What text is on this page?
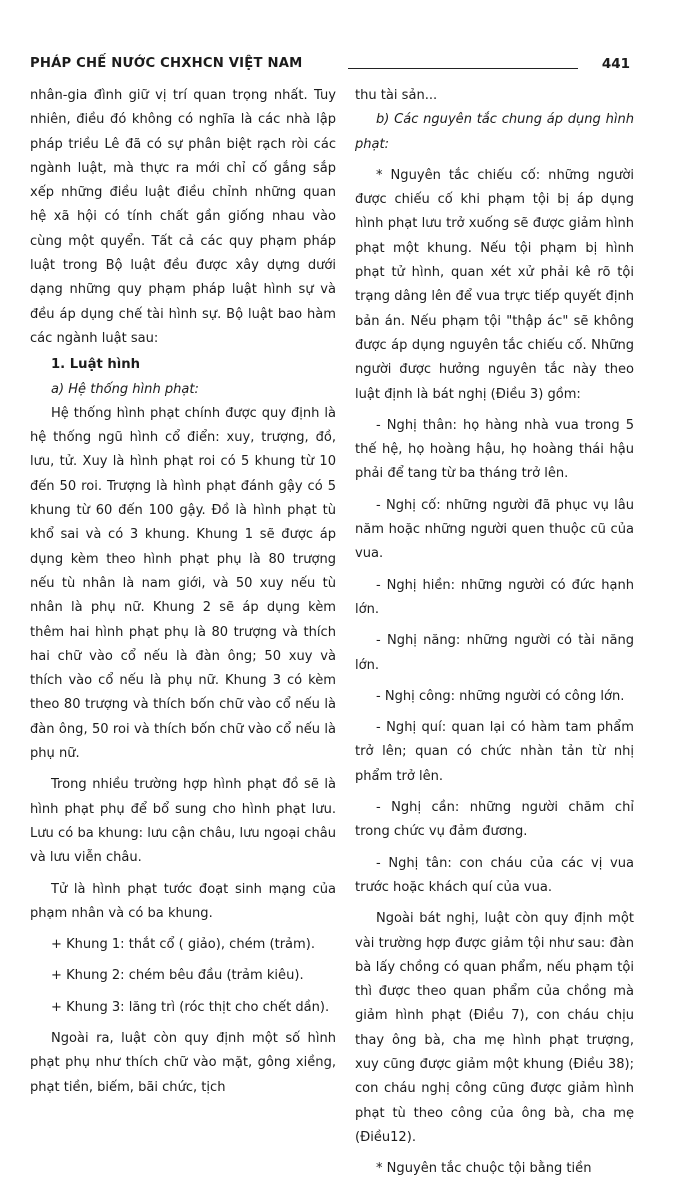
PHÁP CHẾ NƯỚC CHXHCN VIỆT NAM	441

nhân-gia đình giữ vị trí quan trọng nhất. Tuy nhiên, điều đó không có nghĩa là các nhà lập pháp triều Lê đã có sự phân biệt rạch ròi các ngành luật, mà thực ra mới chỉ cố gắng sắp xếp những điều luật điều chỉnh những quan hệ xã hội có tính chất gần giống nhau vào cùng một quyển. Tất cả các quy phạm pháp luật trong Bộ luật đều được xây dựng dưới dạng những quy phạm pháp luật hình sự và đều áp dụng chế tài hình sự. Bộ luật bao hàm các ngành luật sau:

1. Luật hình

a) Hệ thống hình phạt:

Hệ thống hình phạt chính được quy định là hệ thống ngũ hình cổ điển: xuy, trượng, đồ, lưu, tử. Xuy là hình phạt roi có 5 khung từ 10 đến 50 roi. Trượng là hình phạt đánh gậy có 5 khung từ 60 đến 100 gậy. Đồ là hình phạt tù khổ sai và có 3 khung. Khung 1 sẽ được áp dụng kèm theo hình phạt phụ là 80 trượng nếu tù nhân là nam giới, và 50 xuy nếu tù nhân là phụ nữ. Khung 2 sẽ áp dụng kèm thêm hai hình phạt phụ là 80 trượng và thích hai chữ vào cổ nếu là đàn ông; 50 xuy và thích vào cổ nếu là phụ nữ. Khung 3 có kèm theo 80 trượng và thích bốn chữ vào cổ nếu là đàn ông, 50 roi và thích bốn chữ vào cổ nếu là phụ nữ.

Trong nhiều trường hợp hình phạt đồ sẽ là hình phạt phụ để bổ sung cho hình phạt lưu. Lưu có ba khung: lưu cận châu, lưu ngoại châu và lưu viễn châu.

Tử là hình phạt tước đoạt sinh mạng của phạm nhân và có ba khung.

+ Khung 1: thắt cổ ( giảo), chém (trảm).

+ Khung 2: chém bêu đầu (trảm kiêu).

+ Khung 3: lăng trì (róc thịt cho chết dần).

Ngoài ra, luật còn quy định một số hình phạt phụ như thích chữ vào mặt, gông xiềng, phạt tiền, biếm, bãi chức, tịch

thu tài sản...

b) Các nguyên tắc chung áp dụng hình phạt:

* Nguyên tắc chiếu cố: những người được chiếu cố khi phạm tội bị áp dụng hình phạt lưu trở xuống sẽ được giảm hình phạt một khung. Nếu tội phạm bị hình phạt tử hình, quan xét xử phải kê rõ tội trạng dâng lên để vua trực tiếp quyết định bản án. Nếu phạm tội "thập ác" sẽ không được áp dụng nguyên tắc chiếu cố. Những người được hưởng nguyên tắc này theo luật định là bát nghị (Điều 3) gồm:

- Nghị thân: họ hàng nhà vua trong 5 thế hệ, họ hoàng hậu, họ hoàng thái hậu phải để tang từ ba tháng trở lên.

- Nghị cố: những người đã phục vụ lâu năm hoặc những người quen thuộc cũ của vua.

- Nghị hiền: những người có đức hạnh lớn.

- Nghị năng: những người có tài năng lớn.

- Nghị công: những người có công lớn.

- Nghị quí: quan lại có hàm tam phẩm trở lên; quan có chức nhàn tản từ nhị phẩm trở lên.

- Nghị cần: những người chăm chỉ trong chức vụ đảm đương.

- Nghị tân: con cháu của các vị vua trước hoặc khách quí của vua.

Ngoài bát nghị, luật còn quy định một vài trường hợp được giảm tội như sau: đàn bà lấy chồng có quan phẩm, nếu phạm tội thì được theo quan phẩm của chồng mà giảm hình phạt (Điều 7), con cháu chịu thay ông bà, cha mẹ hình phạt trượng, xuy cũng được giảm một khung (Điều 38); con cháu nghị công cũng được giảm hình phạt tù theo công của ông bà, cha mẹ (Điều12).

* Nguyên tắc chuộc tội bằng tiền
